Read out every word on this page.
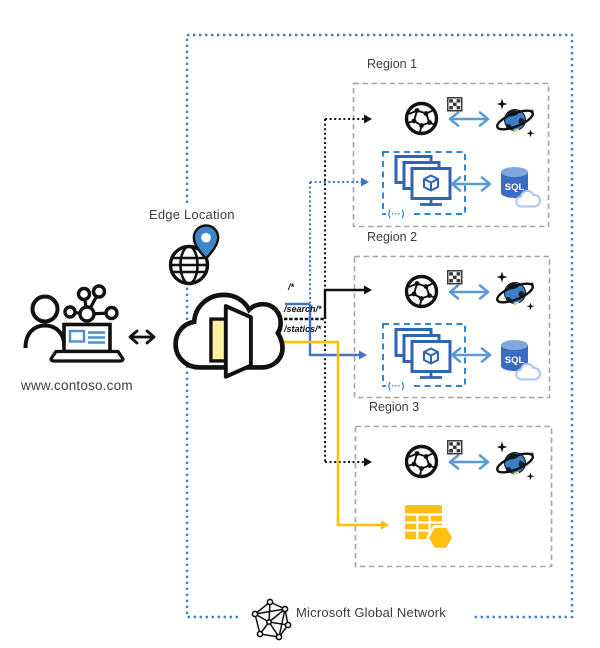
SQL
⟨···⟩
Edge Location
www.contoso.com
Region 1
Region 2
Region 3
/*
/search/*
/statics/*
Microsoft Global Network
